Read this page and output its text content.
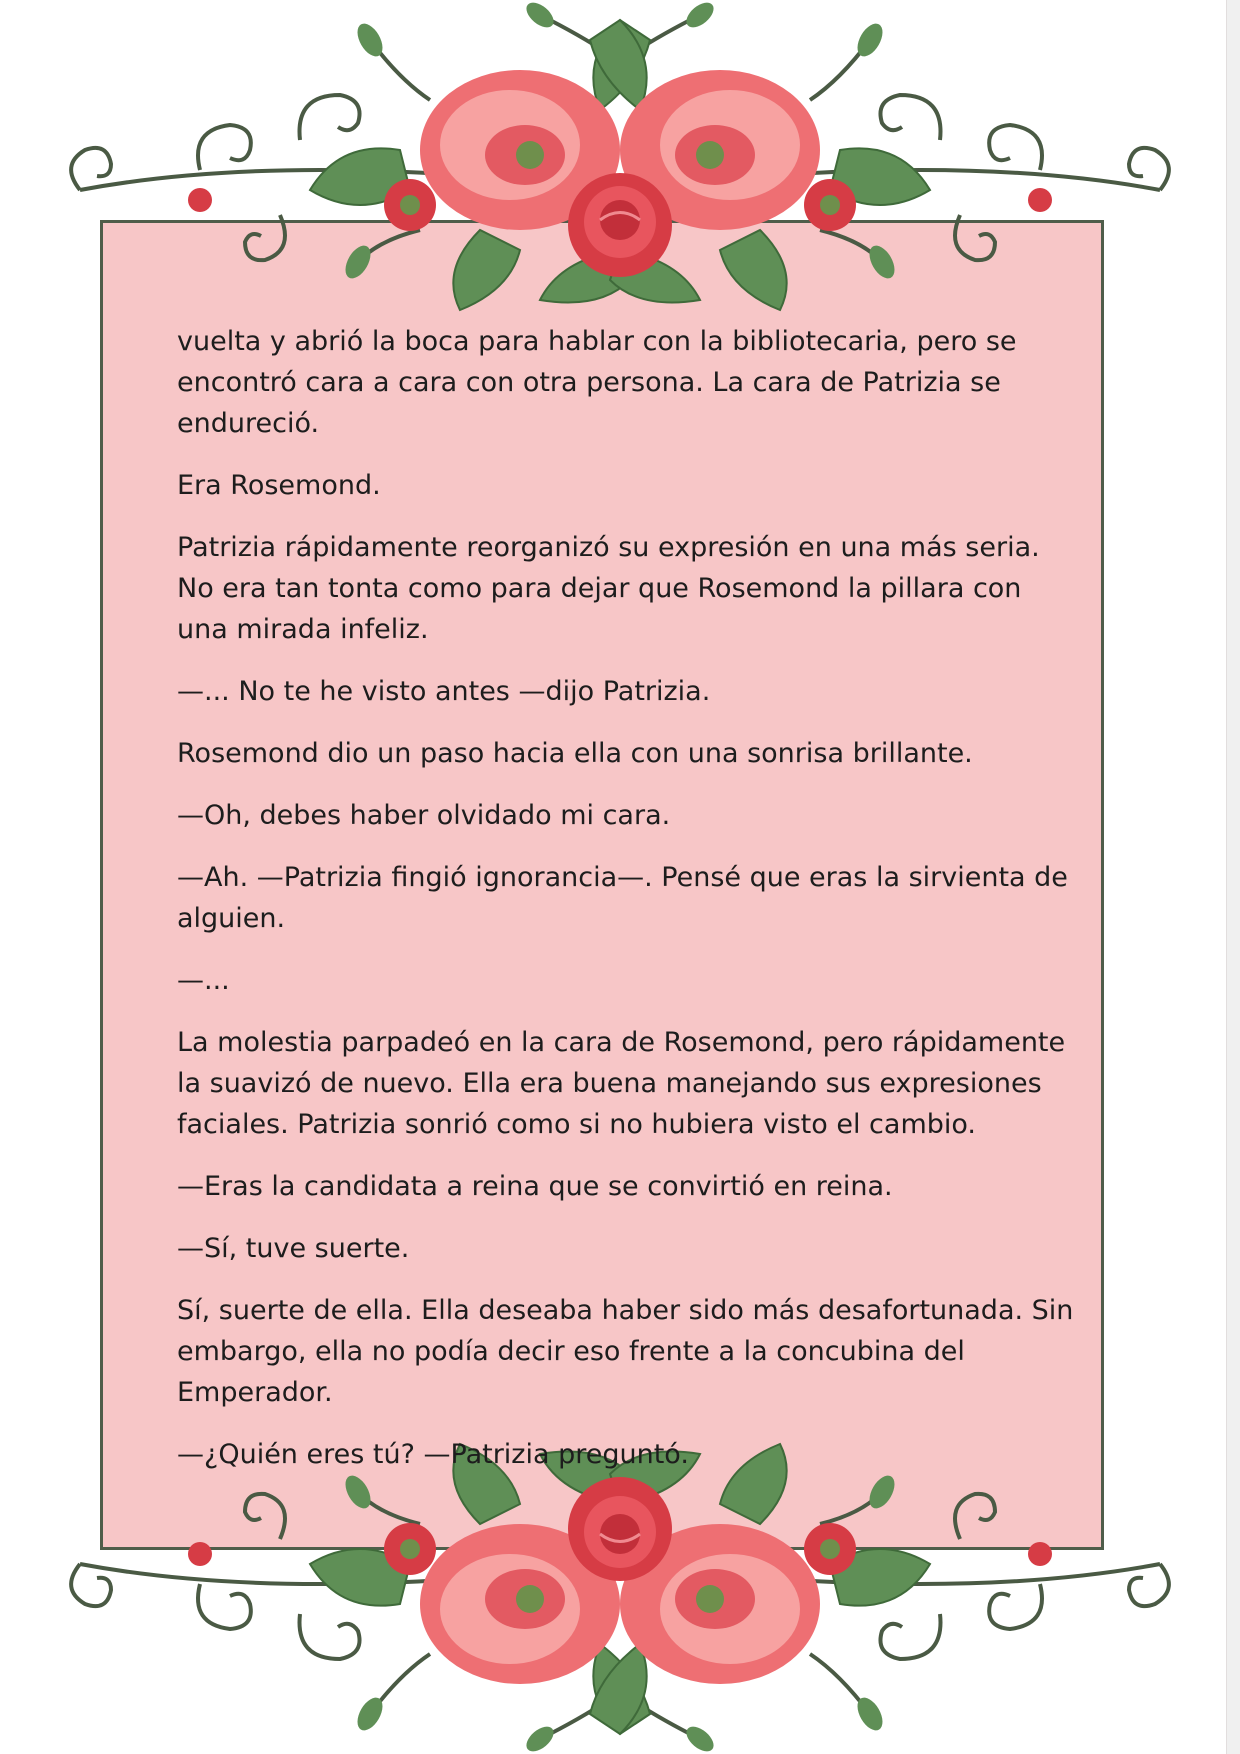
vuelta y abrió la boca para hablar con la bibliotecaria, pero se encontró cara a cara con otra persona. La cara de Patrizia se endureció.

Era Rosemond.

Patrizia rápidamente reorganizó su expresión en una más seria. No era tan tonta como para dejar que Rosemond la pillara con una mirada infeliz.

—... No te he visto antes —dijo Patrizia.

Rosemond dio un paso hacia ella con una sonrisa brillante.

—Oh, debes haber olvidado mi cara.

—Ah. —Patrizia fingió ignorancia—. Pensé que eras la sirvienta de alguien.

—...

La molestia parpadeó en la cara de Rosemond, pero rápidamente la suavizó de nuevo. Ella era buena manejando sus expresiones faciales. Patrizia sonrió como si no hubiera visto el cambio.

—Eras la candidata a reina que se convirtió en reina.

—Sí, tuve suerte.

Sí, suerte de ella. Ella deseaba haber sido más desafortunada. Sin embargo, ella no podía decir eso frente a la concubina del Emperador.

—¿Quién eres tú? —Patrizia preguntó.
